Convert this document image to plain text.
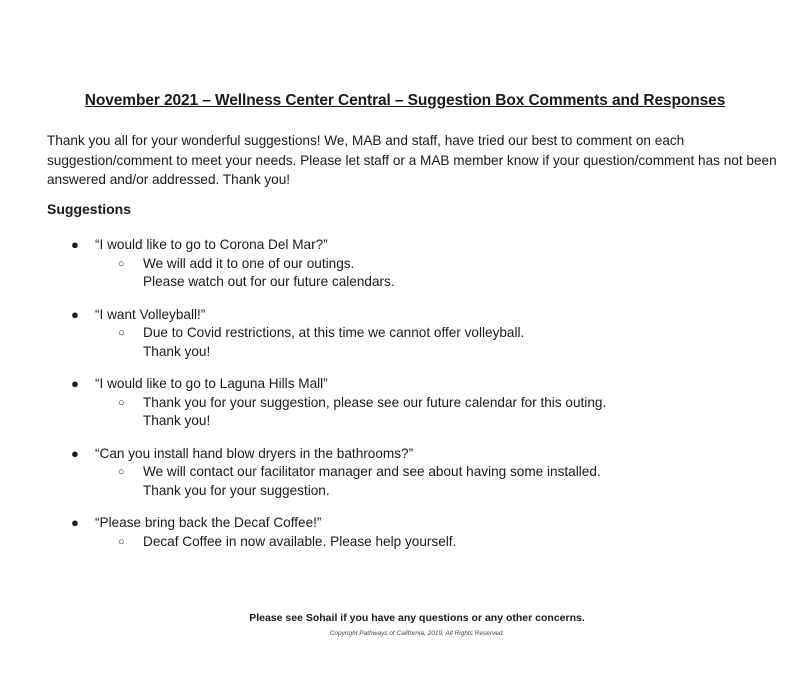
November 2021 – Wellness Center Central – Suggestion Box Comments and Responses
Thank you all for your wonderful suggestions! We, MAB and staff, have tried our best to comment on each suggestion/comment to meet your needs. Please let staff or a MAB member know if your question/comment has not been answered and/or addressed. Thank you!
Suggestions
●	“I would like to go to Corona Del Mar?”
○ We will add it to one of our outings.
Please watch out for our future calendars.
●	“I want Volleyball!”
○ Due to Covid restrictions, at this time we cannot offer volleyball.
Thank you!
●	“I would like to go to Laguna Hills Mall”
○ Thank you for your suggestion, please see our future calendar for this outing.
Thank you!
●	“Can you install hand blow dryers in the bathrooms?”
○ We will contact our facilitator manager and see about having some installed.
Thank you for your suggestion.
●	“Please bring back the Decaf Coffee!”
○ Decaf Coffee in now available. Please help yourself.
Please see Sohail if you have any questions or any other concerns.
Copyright Pathways of California, 2019, All Rights Reserved.
